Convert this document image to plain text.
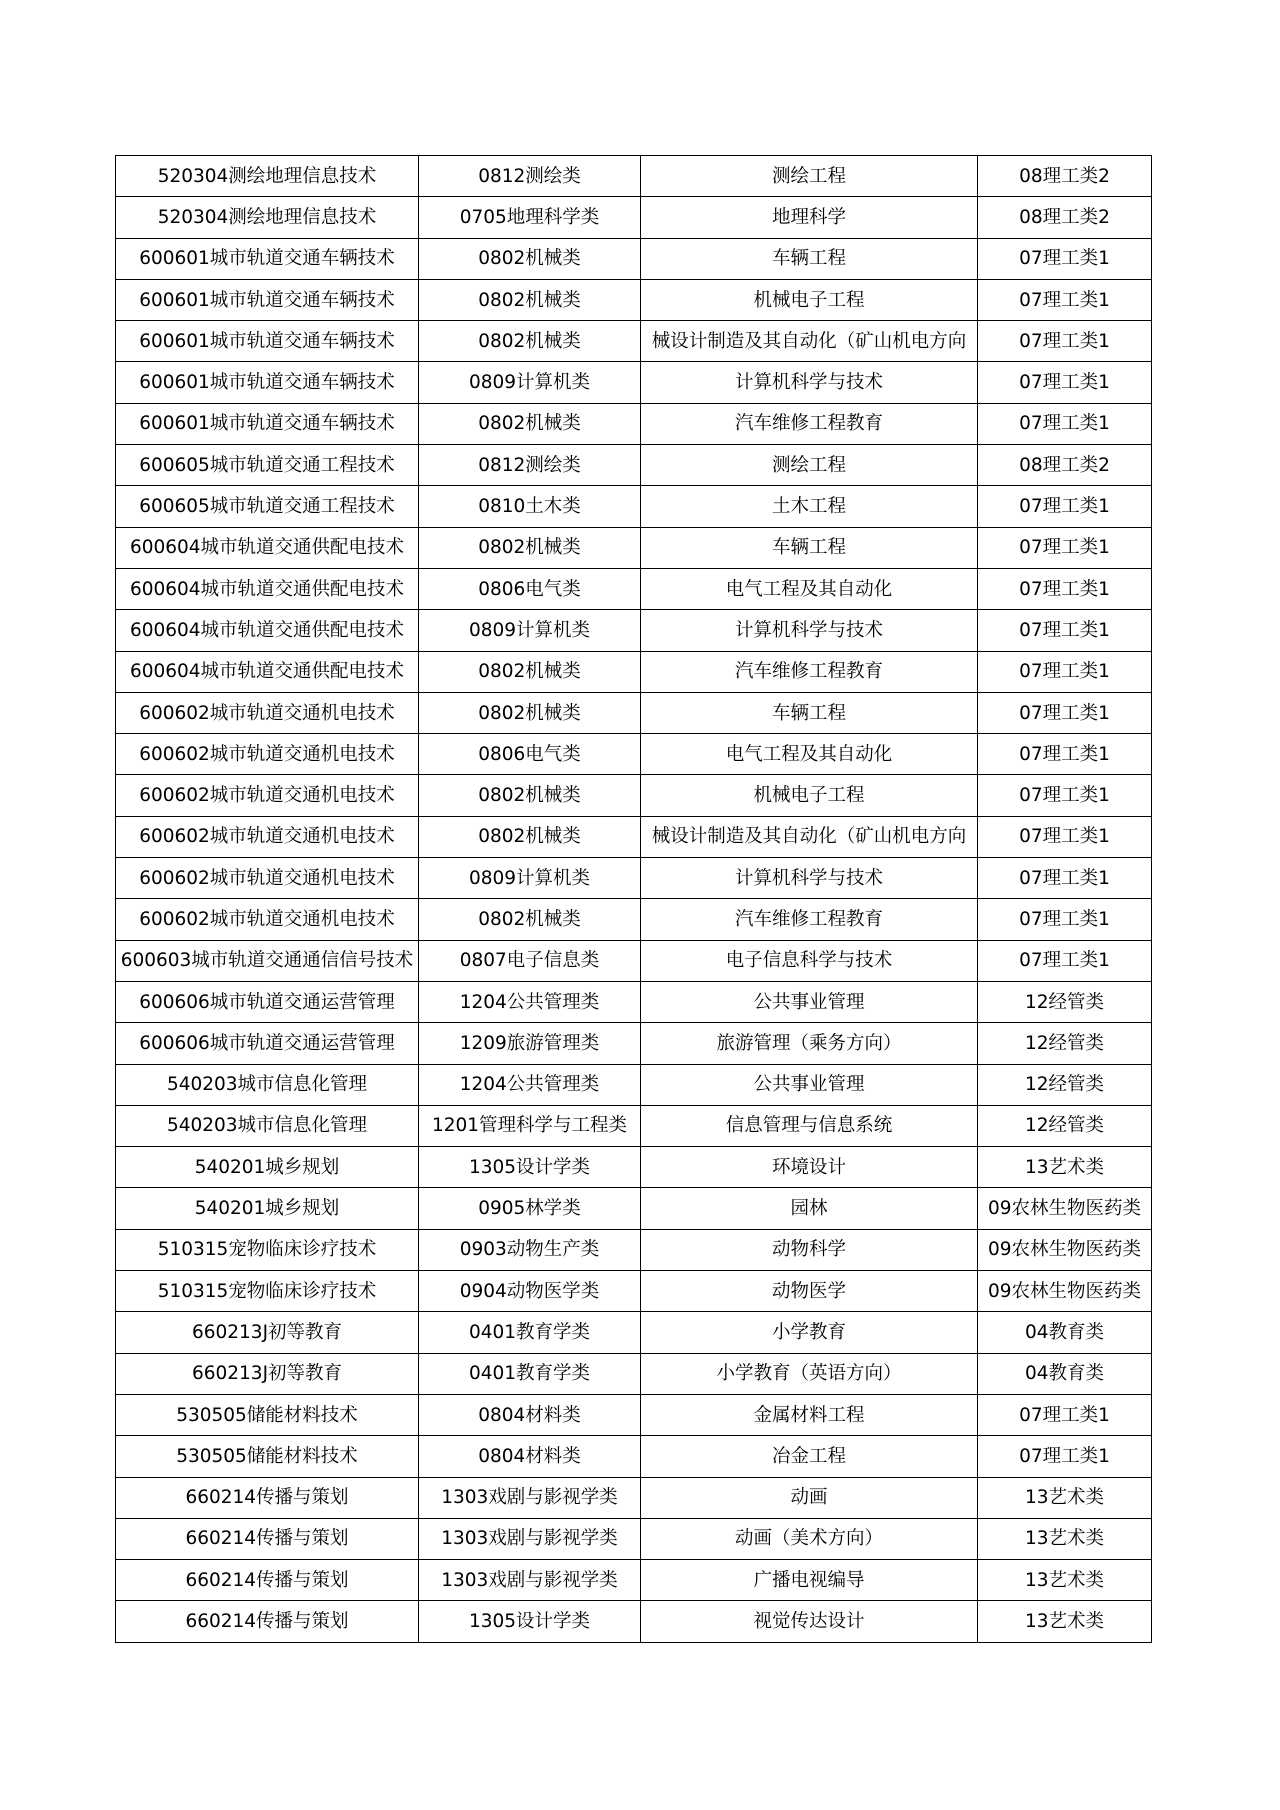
520304测绘地理信息技术	0812测绘类	测绘工程	08理工类2
520304测绘地理信息技术	0705地理科学类	地理科学	08理工类2
600601城市轨道交通车辆技术	0802机械类	车辆工程	07理工类1
600601城市轨道交通车辆技术	0802机械类	机械电子工程	07理工类1
600601城市轨道交通车辆技术	0802机械类	械设计制造及其自动化（矿山机电方向	07理工类1
600601城市轨道交通车辆技术	0809计算机类	计算机科学与技术	07理工类1
600601城市轨道交通车辆技术	0802机械类	汽车维修工程教育	07理工类1
600605城市轨道交通工程技术	0812测绘类	测绘工程	08理工类2
600605城市轨道交通工程技术	0810土木类	土木工程	07理工类1
600604城市轨道交通供配电技术	0802机械类	车辆工程	07理工类1
600604城市轨道交通供配电技术	0806电气类	电气工程及其自动化	07理工类1
600604城市轨道交通供配电技术	0809计算机类	计算机科学与技术	07理工类1
600604城市轨道交通供配电技术	0802机械类	汽车维修工程教育	07理工类1
600602城市轨道交通机电技术	0802机械类	车辆工程	07理工类1
600602城市轨道交通机电技术	0806电气类	电气工程及其自动化	07理工类1
600602城市轨道交通机电技术	0802机械类	机械电子工程	07理工类1
600602城市轨道交通机电技术	0802机械类	械设计制造及其自动化（矿山机电方向	07理工类1
600602城市轨道交通机电技术	0809计算机类	计算机科学与技术	07理工类1
600602城市轨道交通机电技术	0802机械类	汽车维修工程教育	07理工类1
600603城市轨道交通通信信号技术	0807电子信息类	电子信息科学与技术	07理工类1
600606城市轨道交通运营管理	1204公共管理类	公共事业管理	12经管类
600606城市轨道交通运营管理	1209旅游管理类	旅游管理（乘务方向）	12经管类
540203城市信息化管理	1204公共管理类	公共事业管理	12经管类
540203城市信息化管理	1201管理科学与工程类	信息管理与信息系统	12经管类
540201城乡规划	1305设计学类	环境设计	13艺术类
540201城乡规划	0905林学类	园林	09农林生物医药类
510315宠物临床诊疗技术	0903动物生产类	动物科学	09农林生物医药类
510315宠物临床诊疗技术	0904动物医学类	动物医学	09农林生物医药类
660213J初等教育	0401教育学类	小学教育	04教育类
660213J初等教育	0401教育学类	小学教育（英语方向）	04教育类
530505储能材料技术	0804材料类	金属材料工程	07理工类1
530505储能材料技术	0804材料类	冶金工程	07理工类1
660214传播与策划	1303戏剧与影视学类	动画	13艺术类
660214传播与策划	1303戏剧与影视学类	动画（美术方向）	13艺术类
660214传播与策划	1303戏剧与影视学类	广播电视编导	13艺术类
660214传播与策划	1305设计学类	视觉传达设计	13艺术类
